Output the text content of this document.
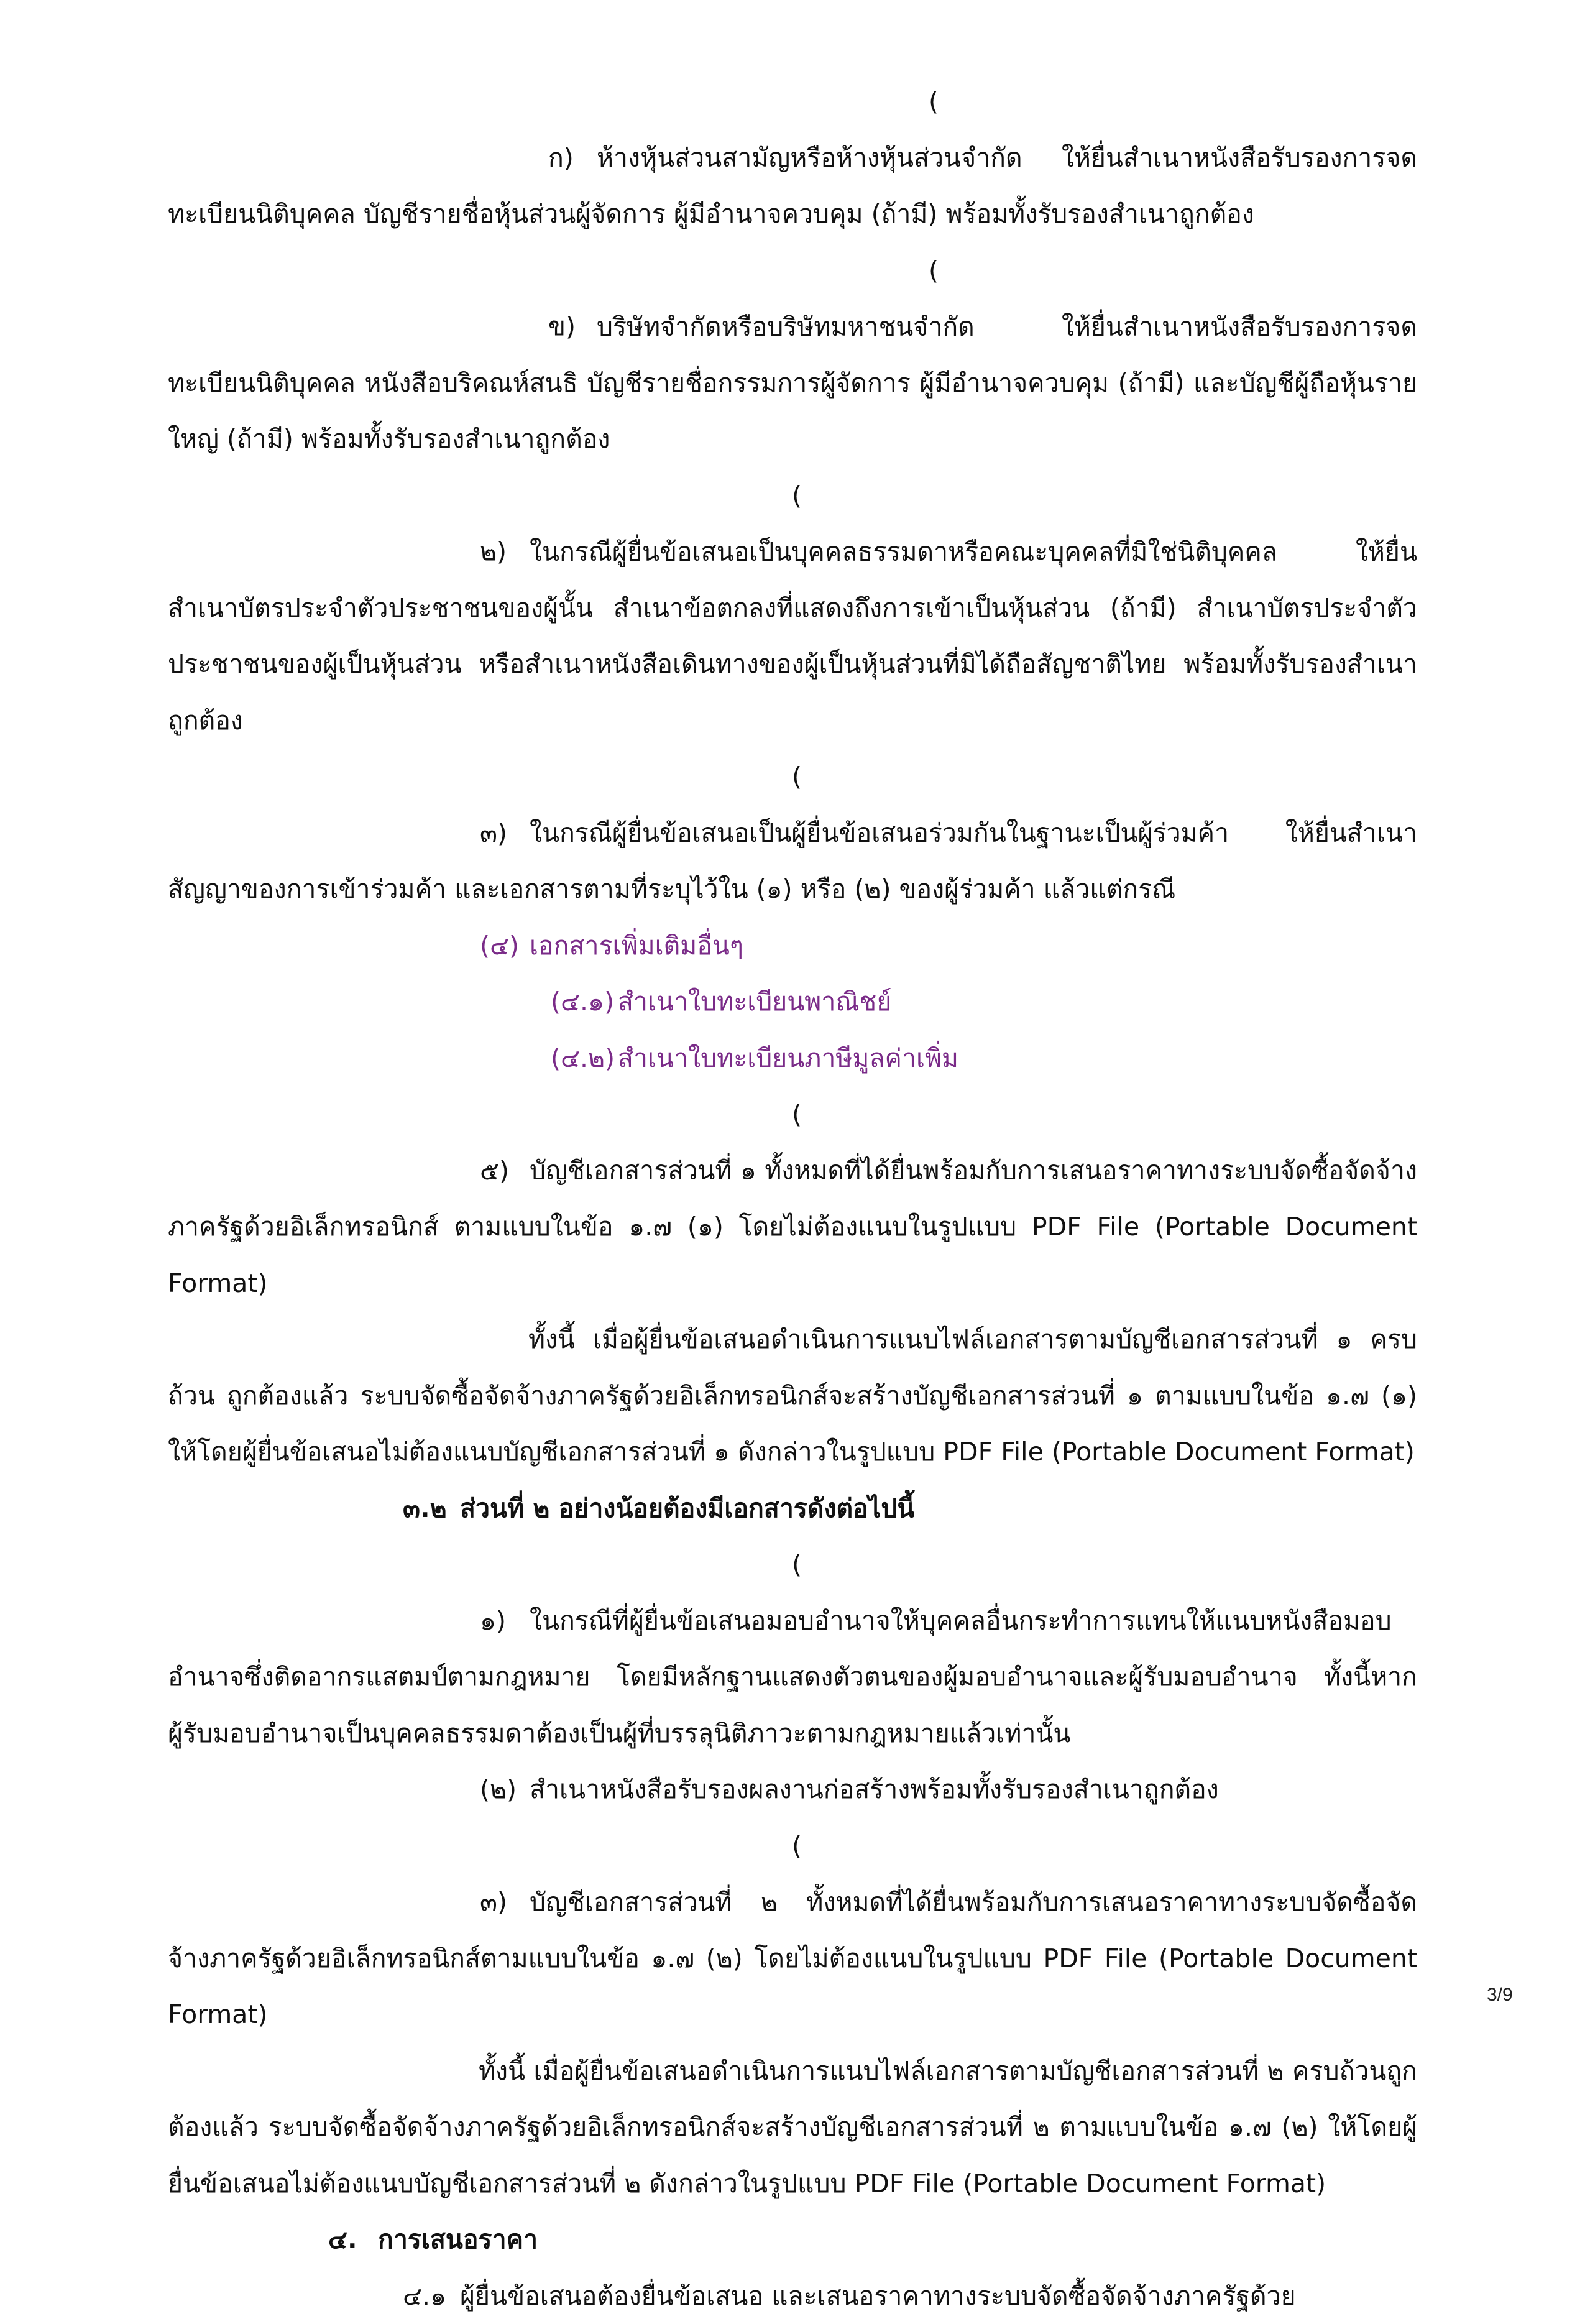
(ก) ห้างหุ้นส่วนสามัญหรือห้างหุ้นส่วนจำกัด ให้ยื่นสำเนาหนังสือรับรองการจดทะเบียนนิติบุคคล บัญชีรายชื่อหุ้นส่วนผู้จัดการ ผู้มีอำนาจควบคุม (ถ้ามี) พร้อมทั้งรับรองสำเนาถูกต้อง

(ข) บริษัทจำกัดหรือบริษัทมหาชนจำกัด ให้ยื่นสำเนาหนังสือรับรองการจดทะเบียนนิติบุคคล หนังสือบริคณห์สนธิ บัญชีรายชื่อกรรมการผู้จัดการ ผู้มีอำนาจควบคุม (ถ้ามี) และบัญชีผู้ถือหุ้นรายใหญ่ (ถ้ามี) พร้อมทั้งรับรองสำเนาถูกต้อง

(๒) ในกรณีผู้ยื่นข้อเสนอเป็นบุคคลธรรมดาหรือคณะบุคคลที่มิใช่นิติบุคคล ให้ยื่นสำเนาบัตรประจำตัวประชาชนของผู้นั้น สำเนาข้อตกลงที่แสดงถึงการเข้าเป็นหุ้นส่วน (ถ้ามี) สำเนาบัตรประจำตัวประชาชนของผู้เป็นหุ้นส่วน หรือสำเนาหนังสือเดินทางของผู้เป็นหุ้นส่วนที่มิได้ถือสัญชาติไทย พร้อมทั้งรับรองสำเนาถูกต้อง

(๓) ในกรณีผู้ยื่นข้อเสนอเป็นผู้ยื่นข้อเสนอร่วมกันในฐานะเป็นผู้ร่วมค้า ให้ยื่นสำเนาสัญญาของการเข้าร่วมค้า และเอกสารตามที่ระบุไว้ใน (๑) หรือ (๒) ของผู้ร่วมค้า แล้วแต่กรณี

(๔) เอกสารเพิ่มเติมอื่นๆ

(๔.๑) สำเนาใบทะเบียนพาณิชย์

(๔.๒) สำเนาใบทะเบียนภาษีมูลค่าเพิ่ม

(๕) บัญชีเอกสารส่วนที่ ๑ ทั้งหมดที่ได้ยื่นพร้อมกับการเสนอราคาทางระบบจัดซื้อจัดจ้างภาครัฐด้วยอิเล็กทรอนิกส์ ตามแบบในข้อ ๑.๗ (๑) โดยไม่ต้องแนบในรูปแบบ PDF File (Portable Document Format)

ทั้งนี้ เมื่อผู้ยื่นข้อเสนอดำเนินการแนบไฟล์เอกสารตามบัญชีเอกสารส่วนที่ ๑ ครบถ้วน ถูกต้องแล้ว ระบบจัดซื้อจัดจ้างภาครัฐด้วยอิเล็กทรอนิกส์จะสร้างบัญชีเอกสารส่วนที่ ๑ ตามแบบในข้อ ๑.๗ (๑) ให้โดยผู้ยื่นข้อเสนอไม่ต้องแนบบัญชีเอกสารส่วนที่ ๑ ดังกล่าวในรูปแบบ PDF File (Portable Document Format)

๓.๒ ส่วนที่ ๒ อย่างน้อยต้องมีเอกสารดังต่อไปนี้

(๑) ในกรณีที่ผู้ยื่นข้อเสนอมอบอำนาจให้บุคคลอื่นกระทำการแทนให้แนบหนังสือมอบอำนาจซึ่งติดอากรแสตมป์ตามกฎหมาย โดยมีหลักฐานแสดงตัวตนของผู้มอบอำนาจและผู้รับมอบอำนาจ ทั้งนี้หากผู้รับมอบอำนาจเป็นบุคคลธรรมดาต้องเป็นผู้ที่บรรลุนิติภาวะตามกฎหมายแล้วเท่านั้น

(๒) สำเนาหนังสือรับรองผลงานก่อสร้างพร้อมทั้งรับรองสำเนาถูกต้อง

(๓) บัญชีเอกสารส่วนที่ ๒ ทั้งหมดที่ได้ยื่นพร้อมกับการเสนอราคาทางระบบจัดซื้อจัดจ้างภาครัฐด้วยอิเล็กทรอนิกส์ตามแบบในข้อ ๑.๗ (๒) โดยไม่ต้องแนบในรูปแบบ PDF File (Portable Document Format)

ทั้งนี้ เมื่อผู้ยื่นข้อเสนอดำเนินการแนบไฟล์เอกสารตามบัญชีเอกสารส่วนที่ ๒ ครบถ้วนถูกต้องแล้ว ระบบจัดซื้อจัดจ้างภาครัฐด้วยอิเล็กทรอนิกส์จะสร้างบัญชีเอกสารส่วนที่ ๒ ตามแบบในข้อ ๑.๗ (๒) ให้โดยผู้ยื่นข้อเสนอไม่ต้องแนบบัญชีเอกสารส่วนที่ ๒ ดังกล่าวในรูปแบบ PDF File (Portable Document Format)

๔. การเสนอราคา

๔.๑ ผู้ยื่นข้อเสนอต้องยื่นข้อเสนอ และเสนอราคาทางระบบจัดซื้อจัดจ้างภาครัฐด้วย

3/9
